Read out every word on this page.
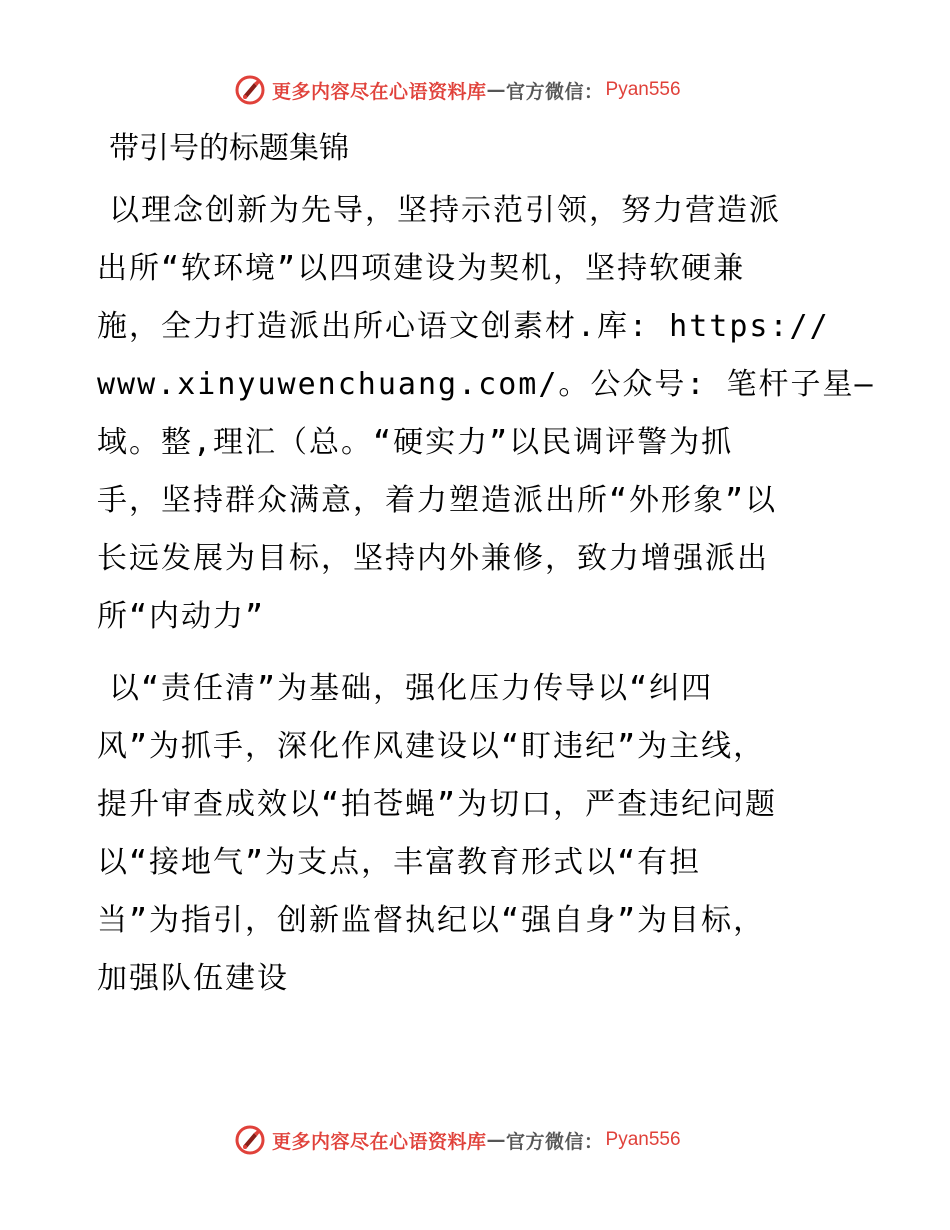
更多内容尽在心语资料库 — 官方微信： Pyan556
带引号的标题集锦
以理念创新为先导，坚持示范引领，努力营造派
出所“软环境”以四项建设为契机，坚持软硬兼
施，全力打造派出所心语文创素材.库: https://
www.xinyuwenchuang.com/。公众号: 笔杆子星—
域。整,理汇（总。“硬实力”以民调评警为抓
手，坚持群众满意，着力塑造派出所“外形象”以
长远发展为目标，坚持内外兼修，致力增强派出
所“内动力”
以“责任清”为基础，强化压力传导以“纠四
风”为抓手，深化作风建设以“盯违纪”为主线，
提升审查成效以“拍苍蝇”为切口，严查违纪问题
以“接地气”为支点，丰富教育形式以“有担
当”为指引，创新监督执纪以“强自身”为目标，
加强队伍建设
更多内容尽在心语资料库 — 官方微信： Pyan556
